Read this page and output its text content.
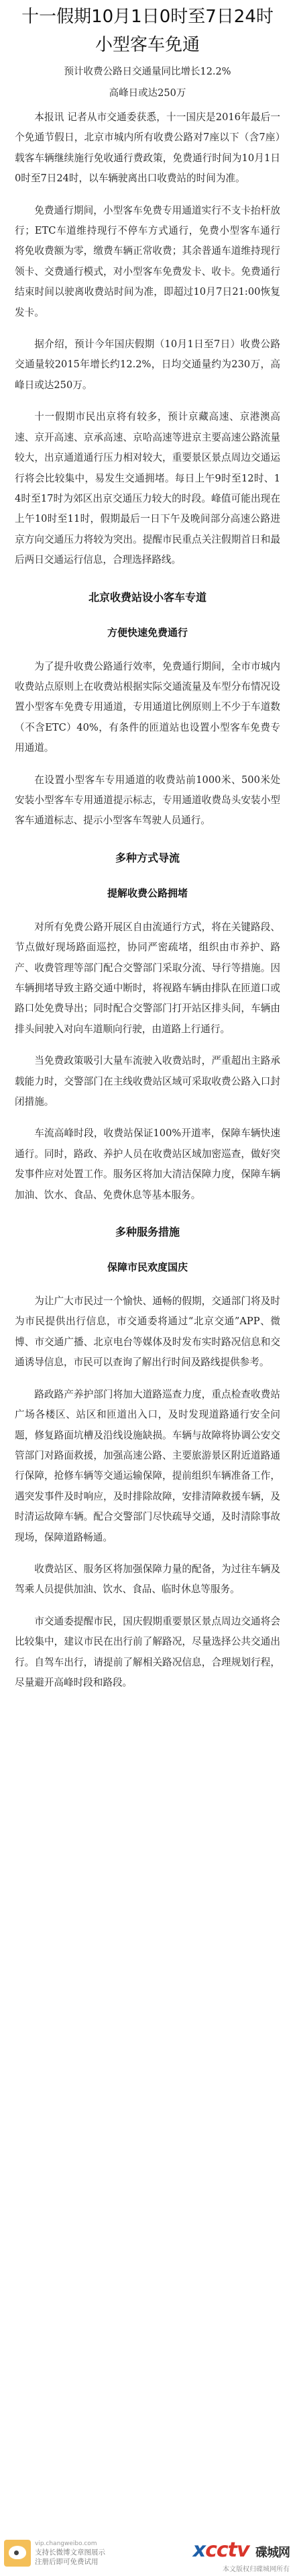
十一假期10月1日0时至7日24时小型客车免通

预计收费公路日交通量同比增长12.2%

高峰日或达250万

本报讯 记者从市交通委获悉，十一国庆是2016年最后一个免通节假日，北京市城内所有收费公路对7座以下（含7座）载客车辆继续施行免收通行费政策，免费通行时间为10月1日0时至7日24时，以车辆驶离出口收费站的时间为准。

免费通行期间，小型客车免费专用通道实行不支卡抬杆放行；ETC车道维持现行不停车方式通行，免费小型客车通行将免收费额为零，缴费车辆正常收费；其余普通车道维持现行领卡、交费通行模式，对小型客车免费发卡、收卡。免费通行结束时间以驶离收费站时间为准，即超过10月7日21:00恢复发卡。

据介绍，预计今年国庆假期（10月1日至7日）收费公路交通量较2015年增长约12.2%，日均交通量约为230万，高峰日或达250万。

十一假期市民出京将有较多，预计京藏高速、京港澳高速、京开高速、京承高速、京哈高速等进京主要高速公路流量较大，出京通道通行压力相对较大，重要景区景点周边交通运行将会比较集中，易发生交通拥堵。每日上午9时至12时、14时至17时为郊区出京交通压力较大的时段。峰值可能出现在上午10时至11时，假期最后一日下午及晚间部分高速公路进京方向交通压力将较为突出。提醒市民重点关注假期首日和最后两日交通运行信息，合理选择路线。

北京收费站设小客车专道
方便快速免费通行

为了提升收费公路通行效率，免费通行期间，全市市城内收费站点原则上在收费站根据实际交通流量及车型分布情况设置小型客车免费专用通道，专用通道比例原则上不少于车道数（不含ETC）40%，有条件的匝道站也设置小型客车免费专用通道。

在设置小型客车专用通道的收费站前1000米、500米处安装小型客车专用通道提示标志，专用通道收费岛头安装小型客车通道标志、提示小型客车驾驶人员通行。

多种方式导流
提解收费公路拥堵

对所有免费公路开展区自由流通行方式，将在关键路段、节点做好现场路面巡控，协同严密疏堵，组织由市养护、路产、收费管理等部门配合交警部门采取分流、导行等措施。因车辆拥堵导致主路交通中断时，将视路车辆由排队在匝道口或路口处免费导出；同时配合交警部门打开站区排头间，车辆由排头间驶入对向车道顺向行驶，由道路上行通行。

当免费政策吸引大量车流驶入收费站时，严重超出主路承载能力时，交警部门在主线收费站区域可采取收费公路入口封闭措施。

车流高峰时段，收费站保证100%开道率，保障车辆快速通行。同时，路政、养护人员在收费站区域加密巡查，做好突发事件应对处置工作。服务区将加大清洁保障力度，保障车辆加油、饮水、食品、免费休息等基本服务。

多种服务措施
保障市民欢度国庆

为让广大市民过一个愉快、通畅的假期，交通部门将及时为市民提供出行信息，市交通委将通过“北京交通”APP、微博、市交通广播、北京电台等媒体及时发布实时路况信息和交通诱导信息，市民可以查询了解出行时间及路线提供参考。

路政路产养护部门将加大道路巡查力度，重点检查收费站广场各楼区、站区和匝道出入口，及时发现道路通行安全问题，修复路面坑槽及沿线设施缺损。车辆与故障将协调公安交管部门对路面救援，加强高速公路、主要旅游景区附近道路通行保障，抢修车辆等交通运输保障，提前组织车辆准备工作，遇突发事件及时响应，及时排除故障，安排清障救援车辆，及时清运故障车辆。配合交警部门尽快疏导交通，及时清除事故现场，保障道路畅通。

收费站区、服务区将加强保障力量的配备，为过往车辆及驾乘人员提供加油、饮水、食品、临时休息等服务。

市交通委提醒市民，国庆假期重要景区景点周边交通将会比较集中，建议市民在出行前了解路况，尽量选择公共交通出行。自驾车出行，请提前了解相关路况信息，合理规划行程，尽量避开高峰时段和路段。

vip.changweibo.com
支持长微博文章图展示
注册后即可免费试用	xcctv 碟城网
本文版权归碟城网所有
